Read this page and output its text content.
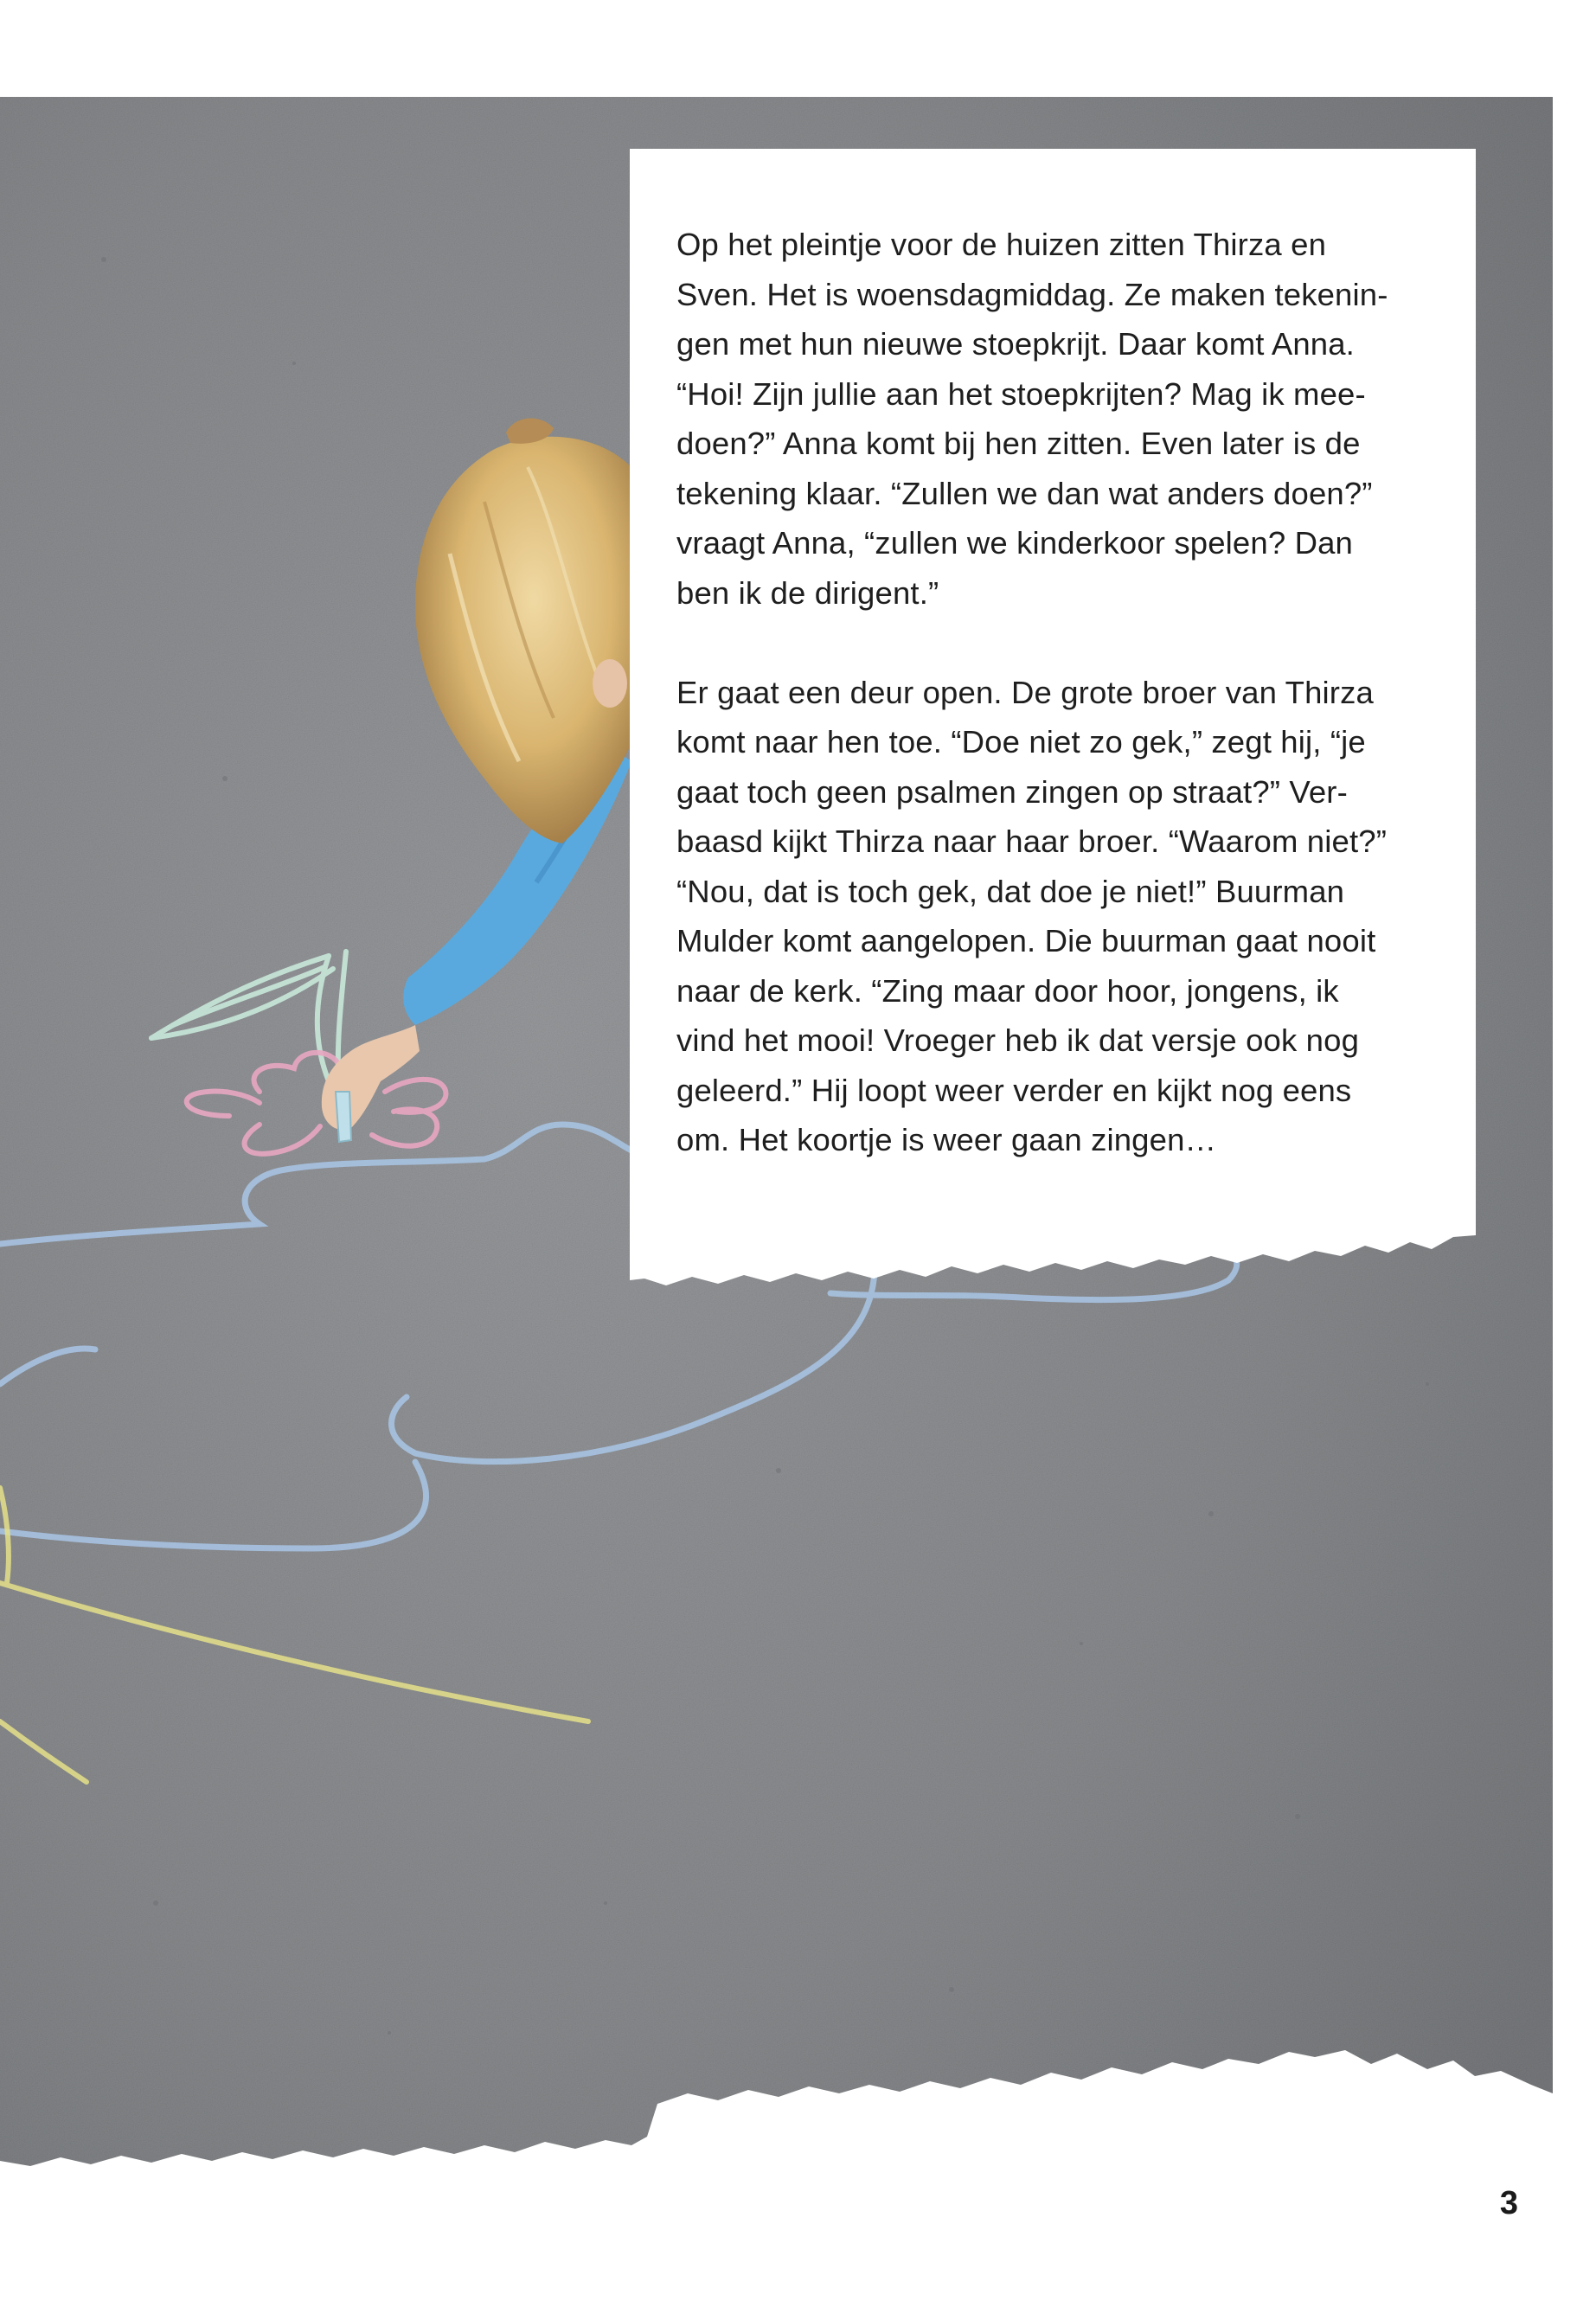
Op het pleintje voor de huizen zitten Thirza en
Sven. Het is woensdagmiddag. Ze maken tekenin-
gen met hun nieuwe stoepkrijt. Daar komt Anna.
“Hoi! Zijn jullie aan het stoepkrijten? Mag ik mee-
doen?” Anna komt bij hen zitten. Even later is de
tekening klaar. “Zullen we dan wat anders doen?”
vraagt Anna, “zullen we kinderkoor spelen? Dan
ben ik de dirigent.”

Er gaat een deur open. De grote broer van Thirza
komt naar hen toe. “Doe niet zo gek,” zegt hij, “je
gaat toch geen psalmen zingen op straat?” Ver-
baasd kijkt Thirza naar haar broer. “Waarom niet?”
“Nou, dat is toch gek, dat doe je niet!” Buurman
Mulder komt aangelopen. Die buurman gaat nooit
naar de kerk. “Zing maar door hoor, jongens, ik
vind het mooi! Vroeger heb ik dat versje ook nog
geleerd.” Hij loopt weer verder en kijkt nog eens
om. Het koortje is weer gaan zingen…

3
